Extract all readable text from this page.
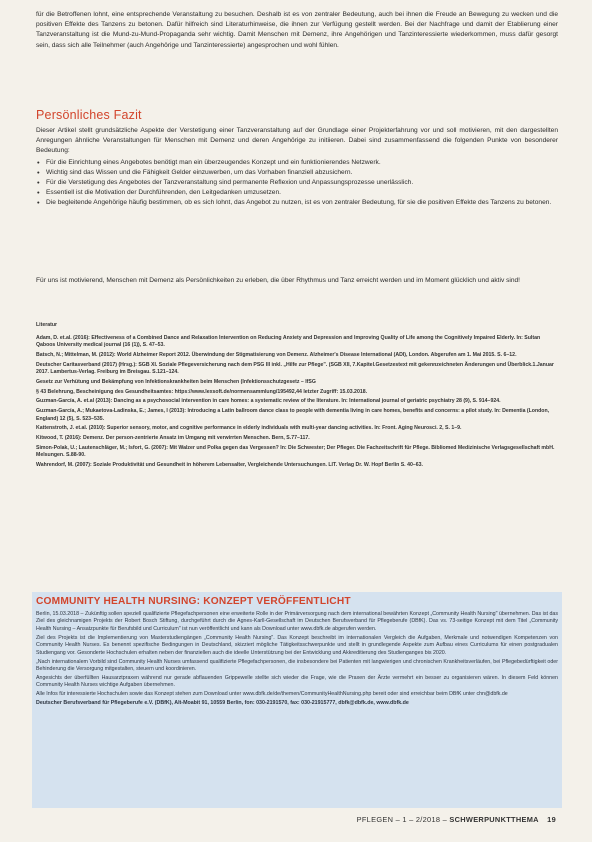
für die Betroffenen lohnt, eine entsprechende Veranstaltung zu besuchen. Deshalb ist es von zentraler Bedeutung, auch bei ihnen die Freude an Bewegung zu wecken und die positiven Effekte des Tanzens zu betonen. Dafür hilfreich sind Literaturhinweise, die ihnen zur Verfügung gestellt werden. Bei der Nachfrage und damit der Etablierung einer Tanzveranstaltung ist die Mund-zu-Mund-Propaganda sehr wichtig. Damit Menschen mit Demenz, ihre Angehörigen und Tanzinteressierte wiederkommen, muss dafür gesorgt sein, dass sich alle Teilnehmer (auch Angehörige und Tanzinteressierte) angesprochen und wohl fühlen.

Persönliches Fazit

Dieser Artikel stellt grundsätzliche Aspekte der Verstetigung einer Tanzveranstaltung auf der Grundlage einer Projekterfahrung vor und soll motivieren, mit den dargestellten Anregungen ähnliche Veranstaltungen für Menschen mit Demenz und deren Angehörige zu initiieren. Dabei sind zusammenfassend die folgenden Punkte von besonderer Bedeutung:

• Für die Einrichtung eines Angebotes benötigt man ein überzeugendes Konzept und ein funktionierendes Netzwerk.
• Wichtig sind das Wissen und die Fähigkeit Gelder einzuwerben, um das Vorhaben finanziell abzusichern.
• Für die Verstetigung des Angebotes der Tanzveranstaltung sind permanente Reflexion und Anpassungsprozesse unerlässlich.
• Essentiell ist die Motivation der Durchführenden, den Leitgedanken umzusetzen.
• Die begleitende Angehörige häufig bestimmen, ob es sich lohnt, das Angebot zu nutzen, ist es von zentraler Bedeutung, für sie die positiven Effekte des Tanzens zu betonen.

Für uns ist motivierend, Menschen mit Demenz als Persönlichkeiten zu erleben, die über Rhythmus und Tanz erreicht werden und im Moment glücklich und aktiv sind!

Literatur
Adam, D. et.al. (2016): Effectiveness of a Combined Dance and Relaxation Intervention on Reducing Anxiety and Depression and Improving Quality of Life among the Cognitively Impaired Elderly. In: Sultan Qaboos University medical journal (16 (1)), S. 47–53.
Batsch, N.; Mittelman, M. (2012): World Alzheimer Report 2012. Überwindung der Stigmatisierung von Demenz. Alzheimer's Disease International (ADI), London. Abgerufen am 1. Mai 2015. S. 6–12.
Deutscher Caritasverband (2017) (Hrsg.): SGB XI. Soziale Pflegeversicherung nach dem PSG III inkl. „Hilfe zur Pflege". (SGB XII, 7.Kapitel.Gesetzestext mit gekennzeichneten Änderungen und Überblick.1.Januar 2017. Lambertus-Verlag. Freiburg im Breisgau. S.121–124.
Gesetz zur Verhütung und Bekämpfung von Infektionskrankheiten beim Menschen (Infektionsschutzgesetz – IfSG
§ 43 Belehrung, Bescheinigung des Gesundheitsamtes: https://www.lexsoft.de/normensammlung/195492,44 letzter Zugriff: 15.03.2018.
Guzman-García, A. et.al (2013): Dancing as a psychosocial intervention in care homes: a systematic review of the literature. In: International journal of geriatric psychiatry 28 (9), S. 914–924.
Guzman-García, A.; Mukaetova-Ladinska, E.; James, I (2013): Introducing a Latin ballroom dance class to people with dementia living in care homes, benefits and concerns: a pilot study. In: Dementia (London, England) 12 (5), S. 523–535.
Kattenstroth, J. et.al. (2010): Superior sensory, motor, and cognitive performance in elderly individuals with multi-year dancing activities. In: Front. Aging Neurosci. 2, S. 1–9.
Kitwood, T. (2016): Demenz. Der person-zentrierte Ansatz im Umgang mit verwirrten Menschen. Bern, S.77–117.
Simon-Polak, U.; Lautenschläger, M.; Isfort, G. (2007): Mit Walzer und Polka gegen das Vergessen? In: Die Schwester; Der Pfleger. Die Fachzeitschrift für Pflege. Bibliomed Medizinische Verlagsgesellschaft mbH. Melsungen. S.88-90.
Wahrendorf, M. (2007): Soziale Produktivität und Gesundheit in höherem Lebensalter, Vergleichende Untersuchungen. LIT. Verlag Dr. W. Hopf Berlin S. 40–63.
COMMUNITY HEALTH NURSING: KONZEPT VERÖFFENTLICHT

Berlin, 15.03.2018 – Zukünftig sollen speziell qualifizierte Pflegefachpersonen eine erweiterte Rolle in der Primärversorgung nach dem international bewährten Konzept „Community Health Nursing" übernehmen. Das ist das Ziel des gleichnamigen Projekts der Robert Bosch Stiftung, durchgeführt durch die Agnes-Karll-Gesellschaft im Deutschen Berufsverband für Pflegeberufe (DBfK). Das vs. 73-seitige Konzept mit dem Titel „Community Health Nursing – Ansatzpunkte für Berufsbild und Curriculum" ist nun veröffentlicht und kann als Download unter www.dbfk.de abgerufen werden.

Ziel des Projekts ist die Implementierung von Masterstudiengängen „Community Health Nursing". Das Konzept beschreibt im internationalen Vergleich die Aufgaben, Merkmale und notwendigen Kompetenzen von Community Health Nurses. Es benennt spezifische Bedingungen in Deutschland, skizziert mögliche Tätigkeitsschwerpunkte und stellt in grundlegende Aspekte zum Aufbau eines Curriculums für einen postgradualen Studiengang vor. Gesonderte Hochschulen erhalten neben der finanziellen auch die ideelle Unterstützung bei der Entwicklung und Akkreditierung des Studienganges bis 2020.

„Nach internationalem Vorbild sind Community Health Nurses umfassend qualifizierte Pflegefachpersonen, die insbesondere bei Patienten mit langwierigen und chronischen Krankheitsverläufen, bei Pflegebedürftigkeit oder Behinderung die Versorgung mitgestalten, steuern und koordinieren.

Angesichts der überfüllten Hausarztpraxen während nur gerade abflauenden Grippewelle stellte sich wieder die Frage, wie die Praxen der Ärzte vermehrt ein besser zu organisieren wären. In diesem Feld können Community Health Nurses wichtige Aufgaben übernehmen.

Alle Infos für interessierte Hochschulen sowie das Konzept stehen zum Download unter www.dbfk.de/de/themen/CommunityHealthNursing.php bereit oder sind erreichbar beim DBfK unter chn@dbfk.de

Deutscher Berufsverband für Pflegeberufe e.V. (DBfK), Alt-Moabit 91, 10559 Berlin, fon: 030-2191570, fax: 030-21915777, dbfk@dbfk.de, www.dbfk.de

PFLEGEN – 1 – 2/2018 – SCHWERPUNKTTHEMA 19
